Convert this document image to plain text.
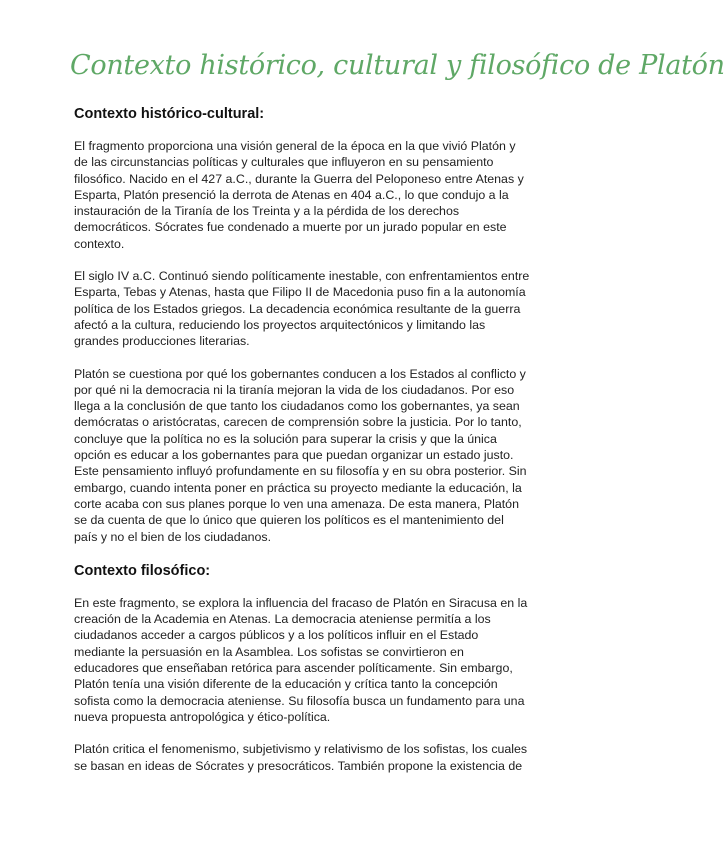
Contexto histórico, cultural y filosófico de Platón
Contexto histórico-cultural:

El fragmento proporciona una visión general de la época en la que vivió Platón y de las circunstancias políticas y culturales que influyeron en su pensamiento filosófico. Nacido en el 427 a.C., durante la Guerra del Peloponeso entre Atenas y Esparta, Platón presenció la derrota de Atenas en 404 a.C., lo que condujo a la instauración de la Tiranía de los Treinta y a la pérdida de los derechos democráticos. Sócrates fue condenado a muerte por un jurado popular en este contexto.

El siglo IV a.C. Continuó siendo políticamente inestable, con enfrentamientos entre Esparta, Tebas y Atenas, hasta que Filipo II de Macedonia puso fin a la autonomía política de los Estados griegos. La decadencia económica resultante de la guerra afectó a la cultura, reduciendo los proyectos arquitectónicos y limitando las grandes producciones literarias.

Platón se cuestiona por qué los gobernantes conducen a los Estados al conflicto y por qué ni la democracia ni la tiranía mejoran la vida de los ciudadanos. Por eso llega a la conclusión de que tanto los ciudadanos como los gobernantes, ya sean demócratas o aristócratas, carecen de comprensión sobre la justicia. Por lo tanto, concluye que la política no es la solución para superar la crisis y que la única opción es educar a los gobernantes para que puedan organizar un estado justo. Este pensamiento influyó profundamente en su filosofía y en su obra posterior. Sin embargo, cuando intenta poner en práctica su proyecto mediante la educación, la corte acaba con sus planes porque lo ven una amenaza. De esta manera, Platón se da cuenta de que lo único que quieren los políticos es el mantenimiento del país y no el bien de los ciudadanos.

Contexto filosófico:

En este fragmento, se explora la influencia del fracaso de Platón en Siracusa en la creación de la Academia en Atenas. La democracia ateniense permitía a los ciudadanos acceder a cargos públicos y a los políticos influir en el Estado mediante la persuasión en la Asamblea. Los sofistas se convirtieron en educadores que enseñaban retórica para ascender políticamente. Sin embargo, Platón tenía una visión diferente de la educación y crítica tanto la concepción sofista como la democracia ateniense. Su filosofía busca un fundamento para una nueva propuesta antropológica y ético-política.

Platón critica el fenomenismo, subjetivismo y relativismo de los sofistas, los cuales se basan en ideas de Sócrates y presocráticos. También propone la existencia de
